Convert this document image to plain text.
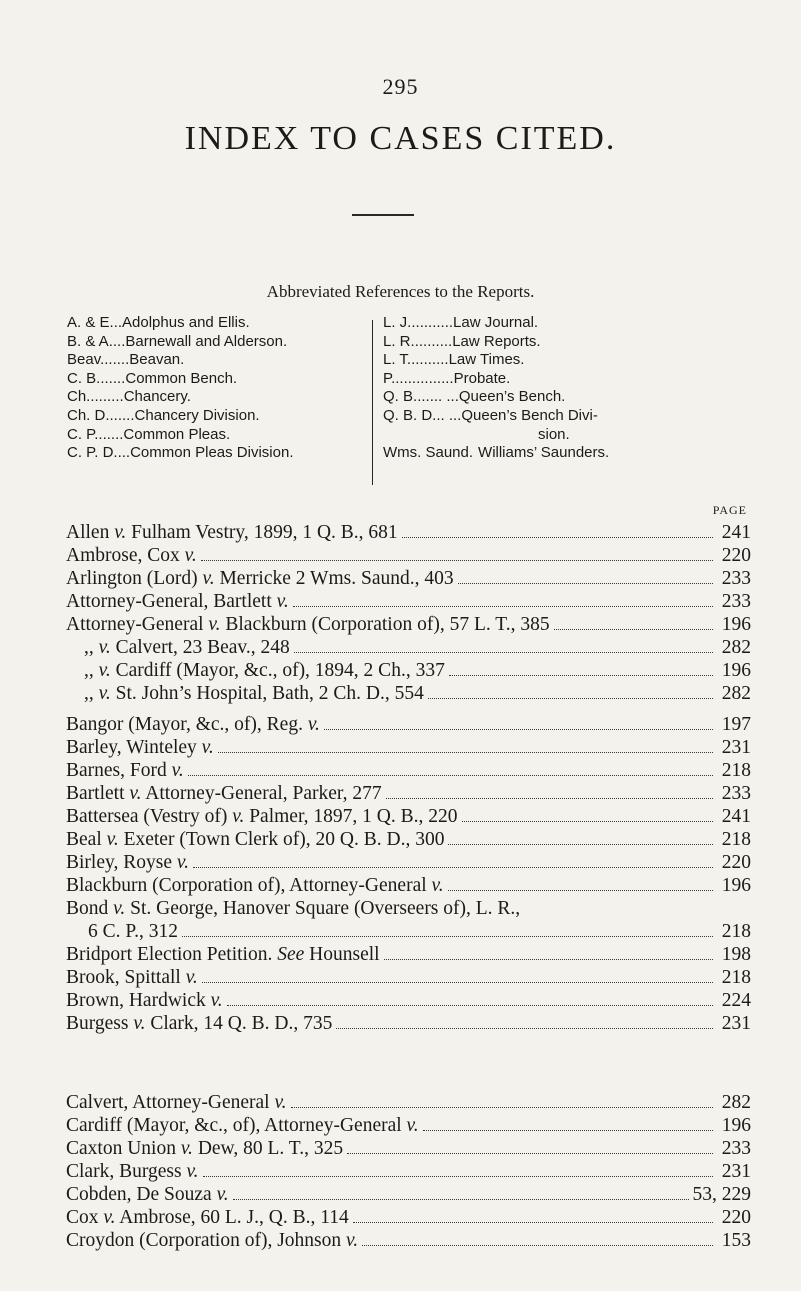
295
INDEX TO CASES CITED.
Abbreviated References to the Reports.
A. & E. .. Adolphus and Ellis.
B. & A. ... Barnewall and Alderson.
Beav. ...... Beavan.
C. B. ...... Common Bench.
Ch. ........ Chancery.
Ch. D. ...... Chancery Division.
C. P. ...... Common Pleas.
C. P. D. ... Common Pleas Division.
L. J. .......... Law Journal.
L. R. ......... Law Reports.
L. T. ......... Law Times.
P. .............. Probate.
Q. B. ...... ... Queen’s Bench.
Q. B. D. .. ... Queen’s Bench Divi-
sion.
Wms. Saund. Williams’ Saunders.
PAGE
Allen v. Fulham Vestry, 1899, 1 Q. B., 681	241
Ambrose, Cox v.	220
Arlington (Lord) v. Merricke 2 Wms. Saund., 403	233
Attorney-General, Bartlett v.	233
Attorney-General v. Blackburn (Corporation of), 57 L. T., 385	196
,, v. Calvert, 23 Beav., 248	282
,, v. Cardiff (Mayor, &c., of), 1894, 2 Ch., 337	196
,, v. St. John’s Hospital, Bath, 2 Ch. D., 554	282
Bangor (Mayor, &c., of), Reg. v.	197
Barley, Winteley v.	231
Barnes, Ford v.	218
Bartlett v. Attorney-General, Parker, 277	233
Battersea (Vestry of) v. Palmer, 1897, 1 Q. B., 220	241
Beal v. Exeter (Town Clerk of), 20 Q. B. D., 300	218
Birley, Royse v.	220
Blackburn (Corporation of), Attorney-General v.	196
Bond v. St. George, Hanover Square (Overseers of), L. R.,
6 C. P., 312	218
Bridport Election Petition. See Hounsell	198
Brook, Spittall v.	218
Brown, Hardwick v.	224
Burgess v. Clark, 14 Q. B. D., 735	231
Calvert, Attorney-General v.	282
Cardiff (Mayor, &c., of), Attorney-General v.	196
Caxton Union v. Dew, 80 L. T., 325	233
Clark, Burgess v.	231
Cobden, De Souza v.	53, 229
Cox v. Ambrose, 60 L. J., Q. B., 114	220
Croydon (Corporation of), Johnson v.	153
